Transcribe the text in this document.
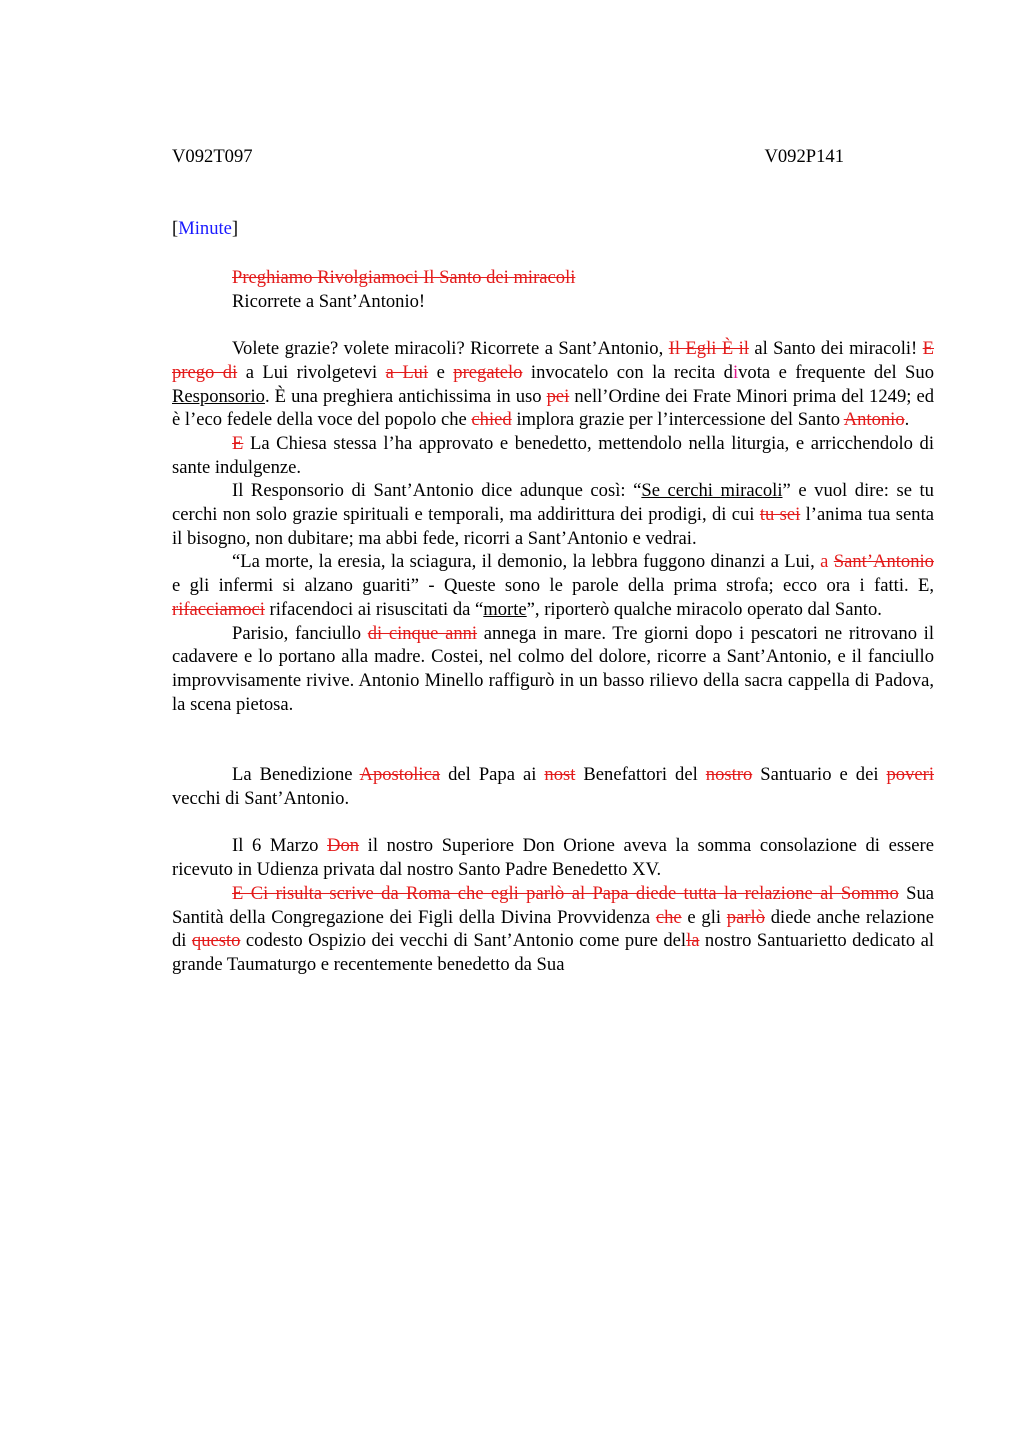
V092T097	V092P141
[Minute]

Preghiamo Rivolgiamoci Il Santo dei miracoli

Ricorrete a Sant’Antonio!

Volete grazie? volete miracoli? Ricorrete a Sant’Antonio, Il Egli È il al Santo dei miracoli! E prego di a Lui rivolgetevi a Lui e pregatelo invocatelo con la recita divota e frequente del Suo Responsorio. È una preghiera antichissima in uso pei nell’Ordine dei Frate Minori prima del 1249; ed è l’eco fedele della voce del popolo che chied implora grazie per l’intercessione del Santo Antonio.

E La Chiesa stessa l’ha approvato e benedetto, mettendolo nella liturgia, e arricchendolo di sante indulgenze.

Il Responsorio di Sant’Antonio dice adunque così: “Se cerchi miracoli” e vuol dire: se tu cerchi non solo grazie spirituali e temporali, ma addirittura dei prodigi, di cui tu sei l’anima tua senta il bisogno, non dubitare; ma abbi fede, ricorri a Sant’Antonio e vedrai.

“La morte, la eresia, la sciagura, il demonio, la lebbra fuggono dinanzi a Lui, a Sant’Antonio e gli infermi si alzano guariti” - Queste sono le parole della prima strofa; ecco ora i fatti. E, rifacciamoci rifacendoci ai risuscitati da “morte”, riporterò qualche miracolo operato dal Santo.

Parisio, fanciullo di cinque anni annega in mare. Tre giorni dopo i pescatori ne ritrovano il cadavere e lo portano alla madre. Costei, nel colmo del dolore, ricorre a Sant’Antonio, e il fanciullo improvvisamente rivive. Antonio Minello raffigurò in un basso rilievo della sacra cappella di Padova, la scena pietosa.

La Benedizione Apostolica del Papa ai nost Benefattori del nostro Santuario e dei poveri vecchi di Sant’Antonio.

Il 6 Marzo Don il nostro Superiore Don Orione aveva la somma consolazione di essere ricevuto in Udienza privata dal nostro Santo Padre Benedetto XV.

E Ci risulta scrive da Roma che egli parlò al Papa diede tutta la relazione al Sommo Sua Santità della Congregazione dei Figli della Divina Provvidenza che e gli parlò diede anche relazione di questo codesto Ospizio dei vecchi di Sant’Antonio come pure della nostro Santuarietto dedicato al grande Taumaturgo e recentemente benedetto da Sua
